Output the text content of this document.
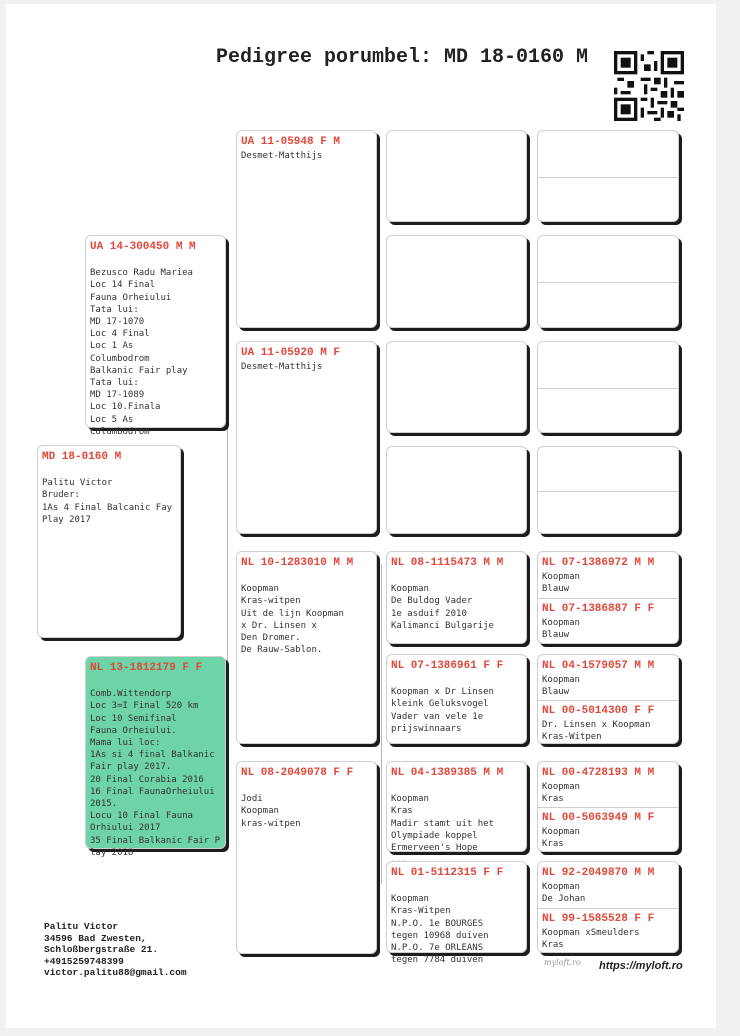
Pedigree porumbel: MD 18-0160 M
MD 18-0160 M

Palitu Victor
Bruder:
1As 4 Final Balcanic Fay
Play 2017

UA 14-300450 M M

Bezusco Radu Mariea
Loc 14 Final
Fauna Orheiului
Tata lui:
MD 17-1070
Loc 4 Final
Loc 1 As
Columbodrom
Balkanic Fair play
Tata lui:
MD 17-1089
Loc 10.Finala
Loc 5 As
Columbodrom

NL 13-1812179 F F

Comb.Wittendorp
Loc 3=I Final 520 km
Loc 10 Semifinal
Fauna Orheiului.
Mama lui loc:
1As si 4 final Balkanic
Fair play 2017.
20 Final Corabia 2016
16 Final FaunaOrheiului
2015.
Locu 10 Final Fauna
Orhiului 2017
35 Final Balkanic Fair P
lay 2018

UA 11-05948 F M
Desmet-Matthijs
UA 11-05920 M F
Desmet-Matthijs
NL 10-1283010 M M

Koopman
Kras-witpen
Uit de lijn Koopman
x Dr. Linsen x
Den Dromer.
De Rauw-Sablon.

NL 08-2049078 F F

Jodi
Koopman
kras-witpen

NL 08-1115473 M M

Koopman
De Buldog Vader
1e asduif 2010
Kalimanci Bulgarije

NL 07-1386961 F F

Koopman x Dr Linsen
kleink Geluksvogel
Vader van vele 1e
prijswinnaars

NL 04-1389385 M M

Koopman
Kras
Madir stamt uit het
Olympiade koppel
Ermerveen's Hope

NL 01-5112315 F F

Koopman
Kras-Witpen
N.P.O. 1e BOURGES
tegen 10968 duiven
N.P.O. 7e ORLEANS
tegen 7784 duiven

NL 07-1386972 M M
Koopman
Blauw
NL 07-1386887 F F
Koopman
Blauw
NL 04-1579057 M M
Koopman
Blauw
NL 00-5014300 F F
Dr. Linsen x Koopman
Kras-Witpen
NL 00-4728193 M M
Koopman
Kras
NL 00-5063949 M F
Koopman
Kras
NL 92-2049870 M M
Koopman
De Johan
NL 99-1585528 F F
Koopman xSmeulders
Kras
Palitu Victor
34596 Bad Zwesten,
Schloßbergstraße 21.
+4915259748399
victor.palitu88@gmail.com
myloft.ro https://myloft.ro
